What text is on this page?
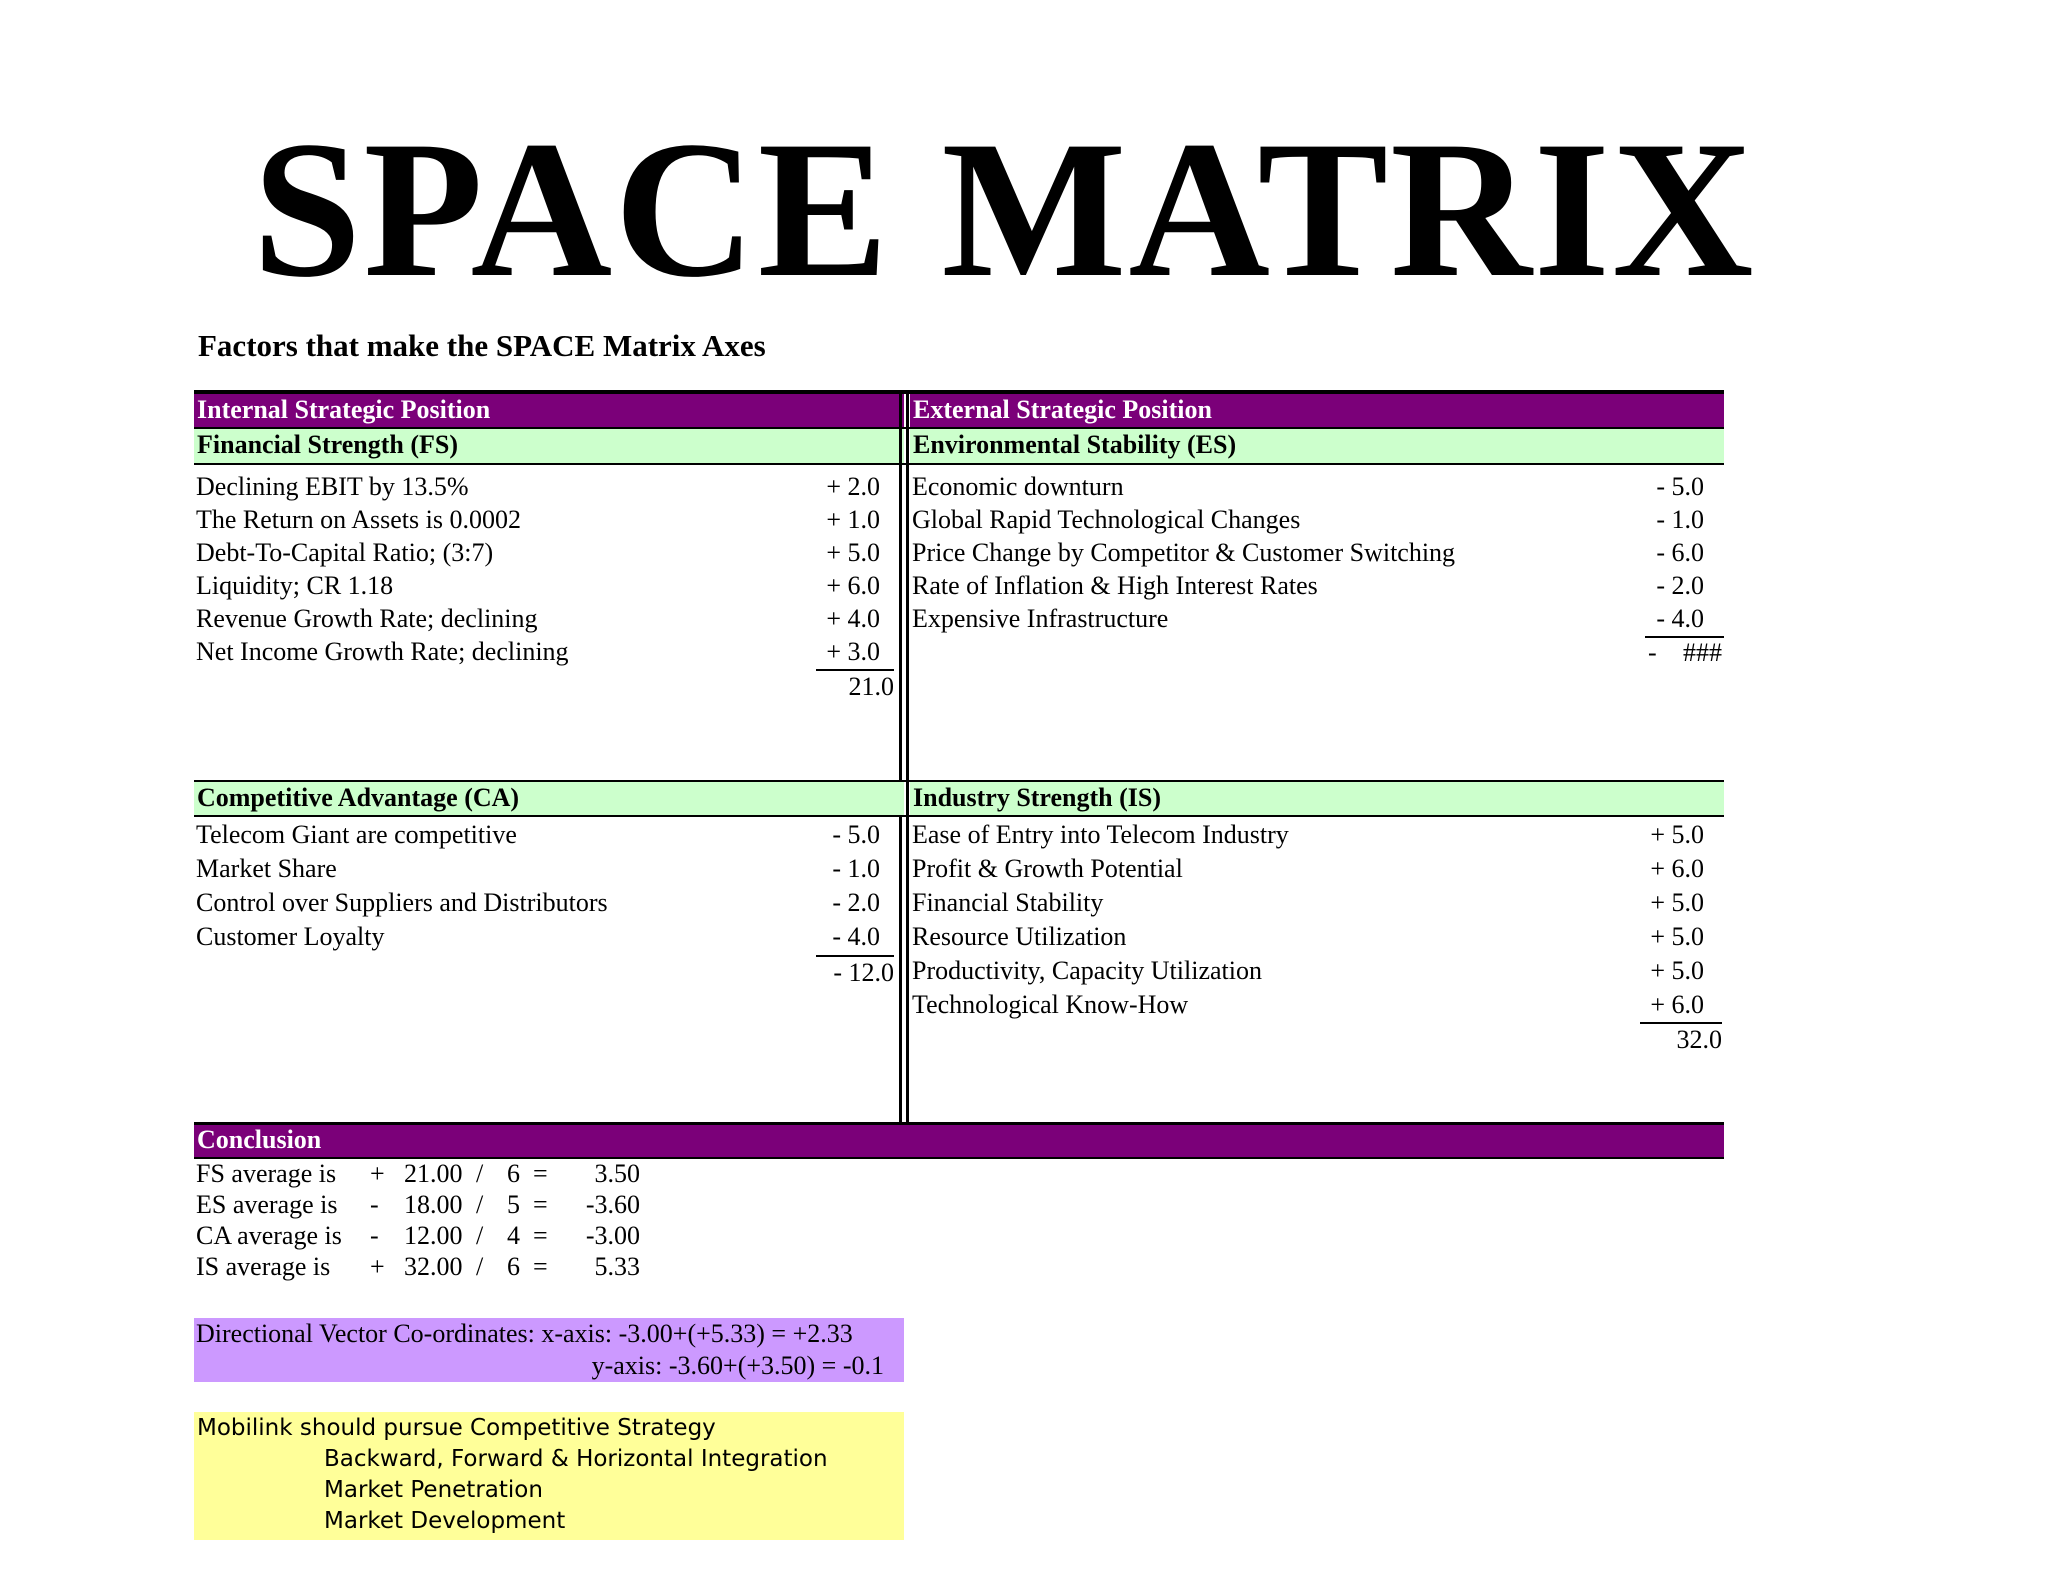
SPACE MATRIX
Factors that make the SPACE Matrix Axes
Internal Strategic Position	External Strategic Position
Financial Strength (FS)	Environmental Stability (ES)
Declining EBIT by 13.5%	+ 2.0
The Return on Assets is 0.0002	+ 1.0
Debt-To-Capital Ratio; (3:7)	+ 5.0
Liquidity; CR 1.18	+ 6.0
Revenue Growth Rate; declining	+ 4.0
Net Income Growth Rate; declining	+ 3.0
21.0
Economic downturn	- 5.0
Global Rapid Technological Changes	- 1.0
Price Change by Competitor & Customer Switching	- 6.0
Rate of Inflation & High Interest Rates	- 2.0
Expensive Infrastructure	- 4.0
-	###
Competitive Advantage (CA)	Industry Strength (IS)
Telecom Giant are competitive	- 5.0
Market Share	- 1.0
Control over Suppliers and Distributors	- 2.0
Customer Loyalty	- 4.0
- 12.0
Ease of Entry into Telecom Industry	+ 5.0
Profit & Growth Potential	+ 6.0
Financial Stability	+ 5.0
Resource Utilization	+ 5.0
Productivity, Capacity Utilization	+ 5.0
Technological Know-How	+ 6.0
32.0
Conclusion
FS average is + 21.00 / 6 =	3.50
ES average is - 18.00 / 5 =	-3.60
CA average is - 12.00 / 4 =	-3.00
IS average is + 32.00 / 6 =	5.33
Directional Vector Co-ordinates: x-axis: -3.00+(+5.33) = +2.33
y-axis: -3.60+(+3.50) = -0.1
Mobilink should pursue Competitive Strategy
Backward, Forward & Horizontal Integration
Market Penetration
Market Development
